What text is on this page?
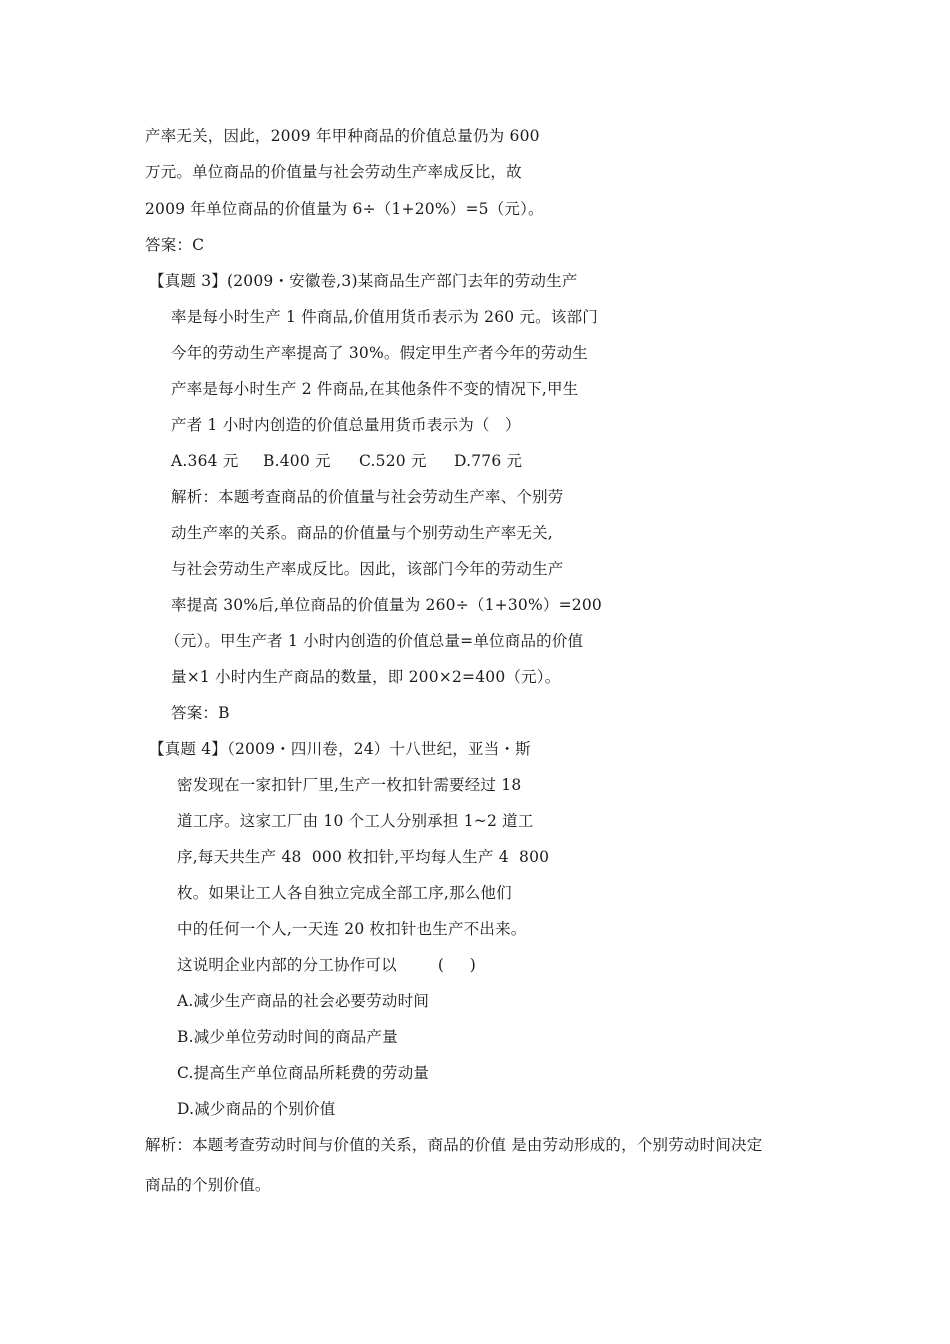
产率无关，因此，2009 年甲种商品的价值总量仍为 600
万元。单位商品的价值量与社会劳动生产率成反比，故
2009 年单位商品的价值量为 6÷（1+20%）=5（元）。
答案：C
【真题 3】(2009・安徽卷,3)某商品生产部门去年的劳动生产
率是每小时生产 1 件商品,价值用货币表示为 260 元。该部门
今年的劳动生产率提高了 30%。假定甲生产者今年的劳动生
产率是每小时生产 2 件商品,在其他条件不变的情况下,甲生
产者 1 小时内创造的价值总量用货币表示为（   ）
A.364 元 B.400 元 C.520 元 D.776 元
解析：本题考查商品的价值量与社会劳动生产率、个别劳
动生产率的关系。商品的价值量与个别劳动生产率无关,
与社会劳动生产率成反比。因此，该部门今年的劳动生产
率提高 30%后,单位商品的价值量为 260÷（1+30%）=200
（元）。甲生产者 1 小时内创造的价值总量=单位商品的价值
量×1 小时内生产商品的数量，即 200×2=400（元）。
答案：B
【真题 4】（2009・四川卷，24）十八世纪，亚当・斯
密发现在一家扣针厂里,生产一枚扣针需要经过 18
道工序。这家工厂由 10 个工人分别承担 1~2 道工
序,每天共生产 48  000 枚扣针,平均每人生产 4  800
枚。如果让工人各自独立完成全部工序,那么他们
中的任何一个人,一天连 20 枚扣针也生产不出来。
这说明企业内部的分工协作可以        (     )
A.减少生产商品的社会必要劳动时间
B.减少单位劳动时间的商品产量
C.提高生产单位商品所耗费的劳动量
D.减少商品的个别价值
解析：本题考查劳动时间与价值的关系，商品的价值 是由劳动形成的，个别劳动时间决定
商品的个别价值。
